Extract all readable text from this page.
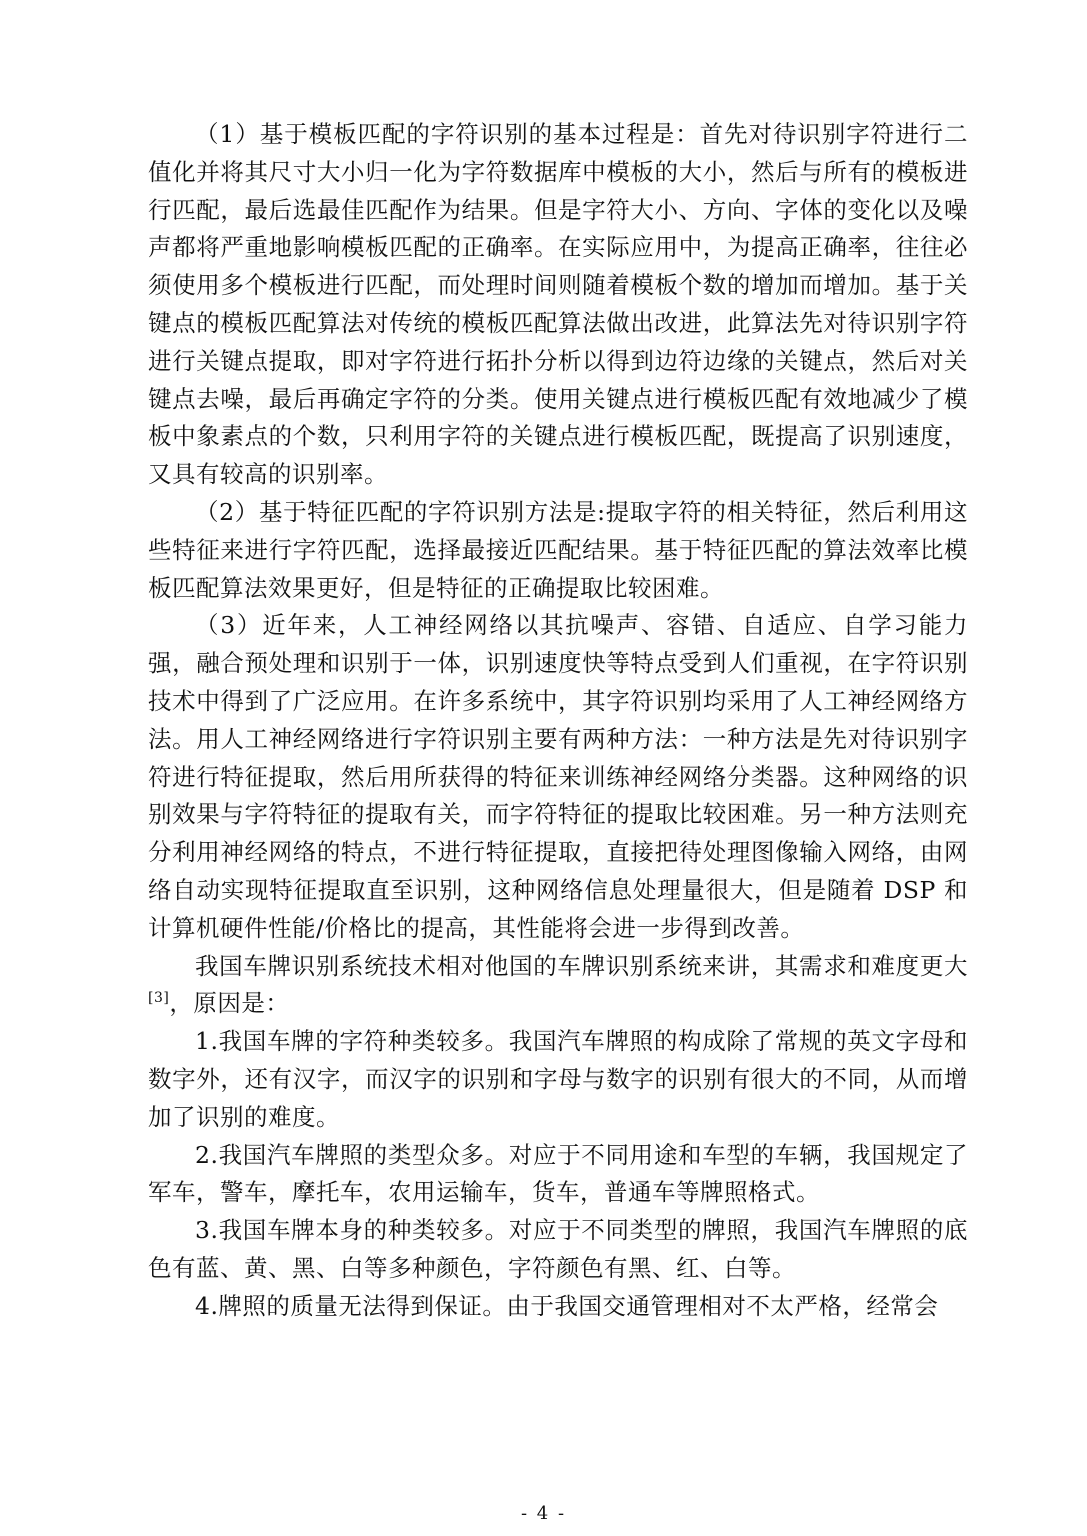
（1）基于模板匹配的字符识别的基本过程是：首先对待识别字符进行二值化并将其尺寸大小归一化为字符数据库中模板的大小，然后与所有的模板进行匹配，最后选最佳匹配作为结果。但是字符大小、方向、字体的变化以及噪声都将严重地影响模板匹配的正确率。在实际应用中，为提高正确率，往往必须使用多个模板进行匹配，而处理时间则随着模板个数的增加而增加。基于关键点的模板匹配算法对传统的模板匹配算法做出改进，此算法先对待识别字符进行关键点提取，即对字符进行拓扑分析以得到边符边缘的关键点，然后对关键点去噪，最后再确定字符的分类。使用关键点进行模板匹配有效地减少了模板中象素点的个数，只利用字符的关键点进行模板匹配，既提高了识别速度，又具有较高的识别率。

（2）基于特征匹配的字符识别方法是:提取字符的相关特征，然后利用这些特征来进行字符匹配，选择最接近匹配结果。基于特征匹配的算法效率比模板匹配算法效果更好，但是特征的正确提取比较困难。

（3）近年来，人工神经网络以其抗噪声、容错、自适应、自学习能力强，融合预处理和识别于一体，识别速度快等特点受到人们重视，在字符识别技术中得到了广泛应用。在许多系统中，其字符识别均采用了人工神经网络方法。用人工神经网络进行字符识别主要有两种方法：一种方法是先对待识别字符进行特征提取，然后用所获得的特征来训练神经网络分类器。这种网络的识别效果与字符特征的提取有关，而字符特征的提取比较困难。另一种方法则充分利用神经网络的特点，不进行特征提取，直接把待处理图像输入网络，由网络自动实现特征提取直至识别，这种网络信息处理量很大，但是随着 DSP 和计算机硬件性能/价格比的提高，其性能将会进一步得到改善。

我国车牌识别系统技术相对他国的车牌识别系统来讲，其需求和难度更大[3]，原因是：

1.我国车牌的字符种类较多。我国汽车牌照的构成除了常规的英文字母和数字外，还有汉字，而汉字的识别和字母与数字的识别有很大的不同，从而增加了识别的难度。

2.我国汽车牌照的类型众多。对应于不同用途和车型的车辆，我国规定了军车，警车，摩托车，农用运输车，货车，普通车等牌照格式。

3.我国车牌本身的种类较多。对应于不同类型的牌照，我国汽车牌照的底色有蓝、黄、黑、白等多种颜色，字符颜色有黑、红、白等。

4.牌照的质量无法得到保证。由于我国交通管理相对不太严格，经常会

- 4 -
